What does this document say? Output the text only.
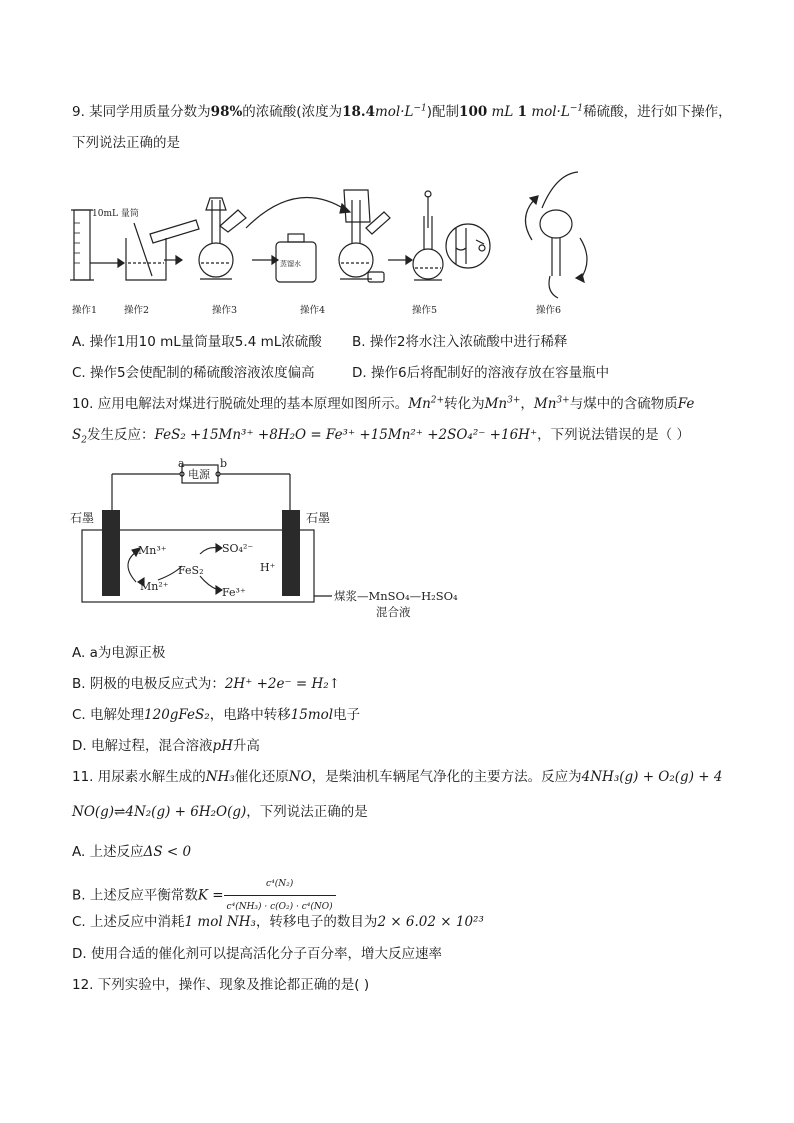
9. 某同学用质量分数为98%的浓硫酸(浓度为$18.4mol\cdot L^{-1}$)配制100 mL 1 $mol\cdot L^{-1}$稀硫酸，进行如下操作，
下列说法正确的是
10mL 量筒
蒸馏水
操作1	操作2	操作3	操作4	操作5	操作6
A. 操作1用10 mL量筒量取5.4 mL浓硫酸 B. 操作2将水注入浓硫酸中进行稀释
C. 操作5会使配制的稀硫酸溶液浓度偏高	D. 操作6后将配制好的溶液存放在容量瓶中
10. 应用电解法对煤进行脱硫处理的基本原理如图所示。$Mn^{2+}$转化为$Mn^{3+}$，$Mn^{3+}$与煤中的含硫物质Fe
$S_2$发生反应：FeS₂ +15Mn³⁺ +8H₂O = Fe³⁺ +15Mn²⁺ +2SO₄²⁻ +16H⁺，下列说法错误的是（ ）
a	b
电源
石墨	石墨
Mn³⁺
Mn²⁺
FeS₂
SO₄²⁻
Fe³⁺
H⁺
煤浆—MnSO₄—H₂SO₄
混合液
A. a为电源正极
B. 阴极的电极反应式为：2H⁺ +2e⁻ = H₂↑
C. 电解处理120gFeS₂，电路中转移15mol电子
D. 电解过程，混合溶液pH升高
11. 用尿素水解生成的NH₃催化还原NO，是柴油机车辆尾气净化的主要方法。反应为4NH₃(g) + O₂(g) + 4
NO(g)⇌4N₂(g) + 6H₂O(g)，下列说法正确的是
A. 上述反应ΔS < 0
B. 上述反应平衡常数$K = \frac{\text{c⁴(N₂)}}{\text{c⁴(NH₃) · c(O₂) · c⁴(NO)}}$
C. 上述反应中消耗1 mol NH₃，转移电子的数目为2 × 6.02 × 10²³
D. 使用合适的催化剂可以提高活化分子百分率，增大反应速率
12. 下列实验中，操作、现象及推论都正确的是( )
